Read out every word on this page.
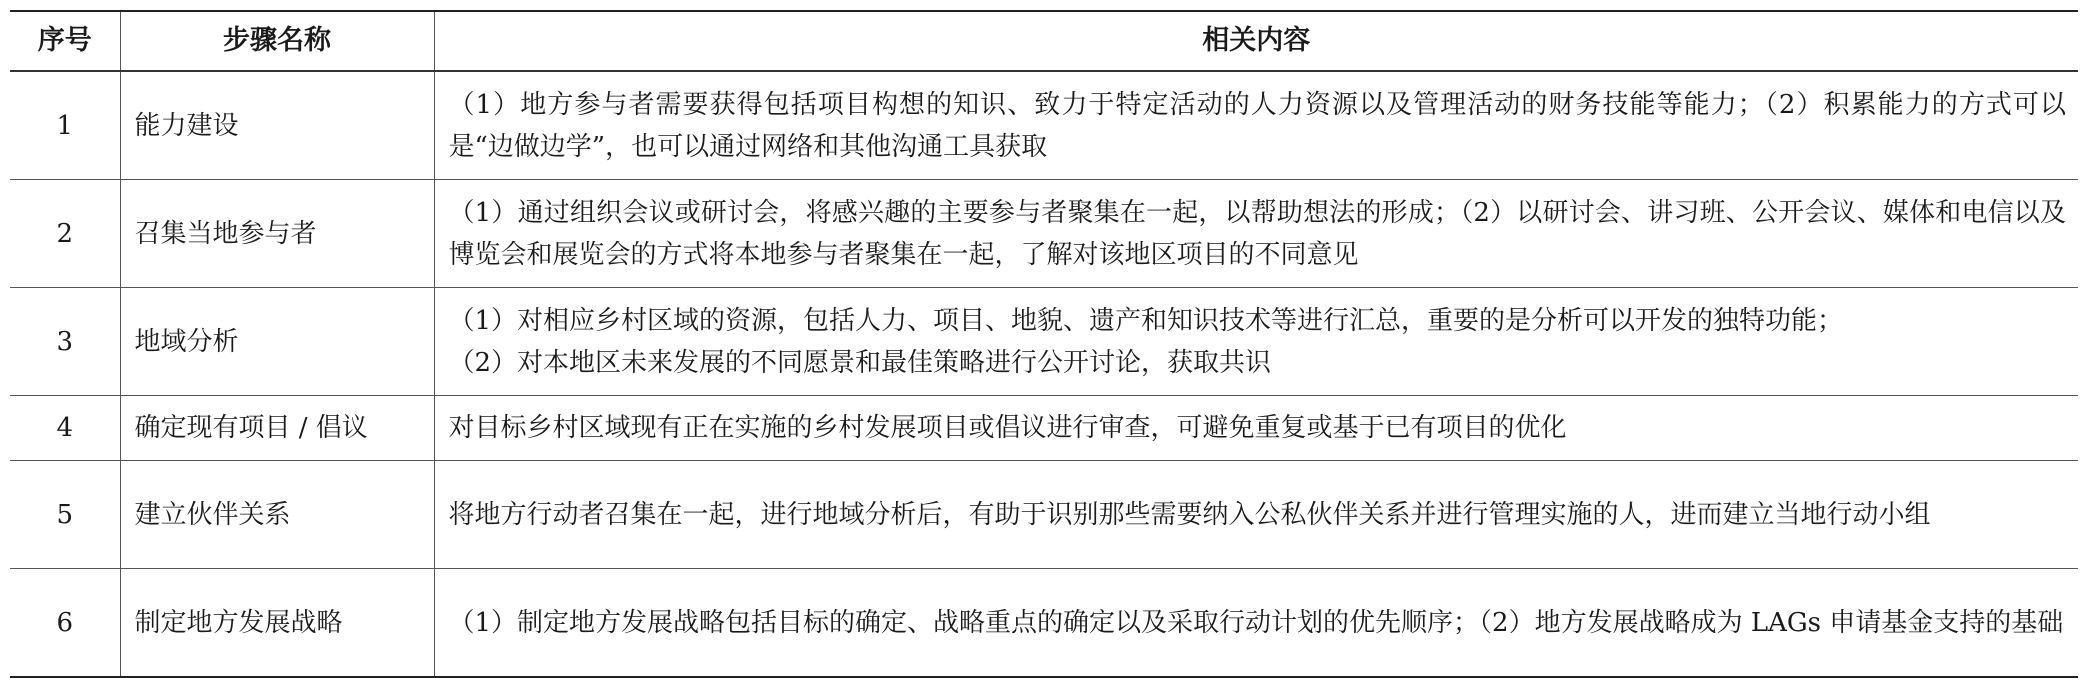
序号	步骤名称	相关内容
1	能力建设	（1）地方参与者需要获得包括项目构想的知识、致力于特定活动的人力资源以及管理活动的财务技能等能力；（2）积累能力的方式可以是“边做边学”，也可以通过网络和其他沟通工具获取
2	召集当地参与者	（1）通过组织会议或研讨会，将感兴趣的主要参与者聚集在一起，以帮助想法的形成；（2）以研讨会、讲习班、公开会议、媒体和电信以及博览会和展览会的方式将本地参与者聚集在一起，了解对该地区项目的不同意见
3	地域分析	（1）对相应乡村区域的资源，包括人力、项目、地貌、遗产和知识技术等进行汇总，重要的是分析可以开发的独特功能；
（2）对本地区未来发展的不同愿景和最佳策略进行公开讨论，获取共识

4	确定现有项目 / 倡议	对目标乡村区域现有正在实施的乡村发展项目或倡议进行审查，可避免重复或基于已有项目的优化
5	建立伙伴关系	将地方行动者召集在一起，进行地域分析后，有助于识别那些需要纳入公私伙伴关系并进行管理实施的人，进而建立当地行动小组
6	制定地方发展战略	（1）制定地方发展战略包括目标的确定、战略重点的确定以及采取行动计划的优先顺序；（2）地方发展战略成为 LAGs 申请基金支持的基础
